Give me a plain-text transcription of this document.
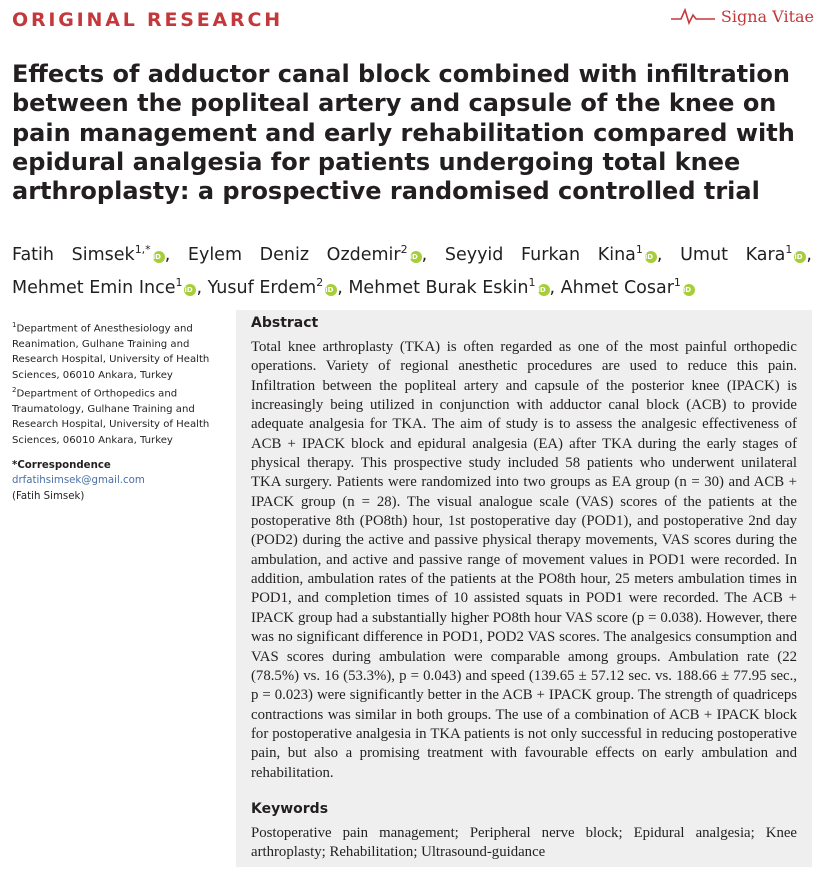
ORIGINAL RESEARCH	Signa Vitae
Effects of adductor canal block combined with infiltration between the popliteal artery and capsule of the knee on pain management and early rehabilitation compared with epidural analgesia for patients undergoing total knee arthroplasty: a prospective randomised controlled trial
Fatih Simsek$^{1,*}$iD , Eylem Deniz Ozdemir$^2$iD , Seyyid Furkan Kina$^1$iD , Umut Kara$^1$iD ,
Mehmet Emin Ince$^1$iD , Yusuf Erdem$^2$iD , Mehmet Burak Eskin$^1$iD , Ahmet Cosar$^1$iD

$^1$Department of Anesthesiology and Reanimation, Gulhane Training and Research Hospital, University of Health Sciences, 06010 Ankara, Turkey

$^2$Department of Orthopedics and Traumatology, Gulhane Training and Research Hospital, University of Health Sciences, 06010 Ankara, Turkey

*Correspondence
drfatihsimsek@gmail.com
(Fatih Simsek)
Abstract

Total knee arthroplasty (TKA) is often regarded as one of the most painful orthopedic operations. Variety of regional anesthetic procedures are used to reduce this pain. Infiltration between the popliteal artery and capsule of the posterior knee (IPACK) is increasingly being utilized in conjunction with adductor canal block (ACB) to provide adequate analgesia for TKA. The aim of study is to assess the analgesic effectiveness of ACB + IPACK block and epidural analgesia (EA) after TKA during the early stages of physical therapy. This prospective study included 58 patients who underwent unilateral TKA surgery. Patients were randomized into two groups as EA group (n = 30) and ACB + IPACK group (n = 28). The visual analogue scale (VAS) scores of the patients at the postoperative 8th (PO8th) hour, 1st postoperative day (POD1), and postoperative 2nd day (POD2) during the active and passive physical therapy movements, VAS scores during the ambulation, and active and passive range of movement values in POD1 were recorded. In addition, ambulation rates of the patients at the PO8th hour, 25 meters ambulation times in POD1, and completion times of 10 assisted squats in POD1 were recorded. The ACB + IPACK group had a substantially higher PO8th hour VAS score (p = 0.038). However, there was no significant difference in POD1, POD2 VAS scores. The analgesics consumption and VAS scores during ambulation were comparable among groups. Ambulation rate (22 (78.5%) vs. 16 (53.3%), p = 0.043) and speed (139.65 ± 57.12 sec. vs. 188.66 ± 77.95 sec., p = 0.023) were significantly better in the ACB + IPACK group. The strength of quadriceps contractions was similar in both groups. The use of a combination of ACB + IPACK block for postoperative analgesia in TKA patients is not only successful in reducing postoperative pain, but also a promising treatment with favourable effects on early ambulation and rehabilitation.

Keywords

Postoperative pain management; Peripheral nerve block; Epidural analgesia; Knee arthroplasty; Rehabilitation; Ultrasound-guidance
